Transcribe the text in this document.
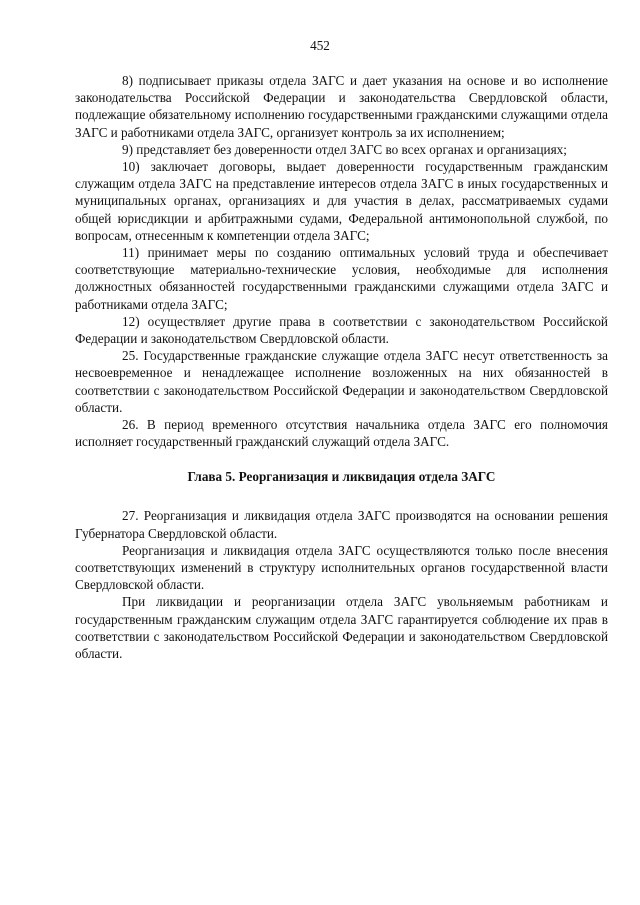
452

8) подписывает приказы отдела ЗАГС и дает указания на основе и во исполнение законодательства Российской Федерации и законодательства Свердловской области, подлежащие обязательному исполнению государственными гражданскими служащими отдела ЗАГС и работниками отдела ЗАГС, организует контроль за их исполнением;

9) представляет без доверенности отдел ЗАГС во всех органах и организациях;

10) заключает договоры, выдает доверенности государственным гражданским служащим отдела ЗАГС на представление интересов отдела ЗАГС в иных государственных и муниципальных органах, организациях и для участия в делах, рассматриваемых судами общей юрисдикции и арбитражными судами, Федеральной антимонопольной службой, по вопросам, отнесенным к компетенции отдела ЗАГС;

11) принимает меры по созданию оптимальных условий труда и обеспечивает соответствующие материально-технические условия, необходимые для исполнения должностных обязанностей государственными гражданскими служащими отдела ЗАГС и работниками отдела ЗАГС;

12) осуществляет другие права в соответствии с законодательством Российской Федерации и законодательством Свердловской области.

25. Государственные гражданские служащие отдела ЗАГС несут ответственность за несвоевременное и ненадлежащее исполнение возложенных на них обязанностей в соответствии с законодательством Российской Федерации и законодательством Свердловской области.

26. В период временного отсутствия начальника отдела ЗАГС его полномочия исполняет государственный гражданский служащий отдела ЗАГС.

Глава 5. Реорганизация и ликвидация отдела ЗАГС

27. Реорганизация и ликвидация отдела ЗАГС производятся на основании решения Губернатора Свердловской области.

Реорганизация и ликвидация отдела ЗАГС осуществляются только после внесения соответствующих изменений в структуру исполнительных органов государственной власти Свердловской области.

При ликвидации и реорганизации отдела ЗАГС увольняемым работникам и государственным гражданским служащим отдела ЗАГС гарантируется соблюдение их прав в соответствии с законодательством Российской Федерации и законодательством Свердловской области.
